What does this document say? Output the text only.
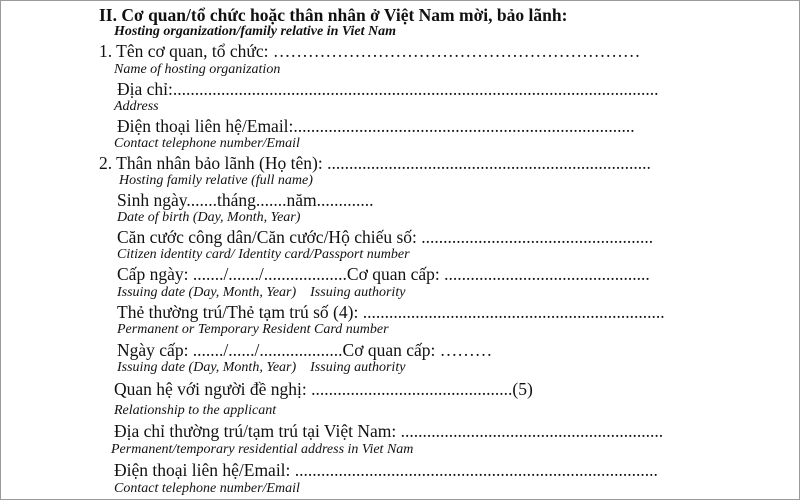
II. Cơ quan/tổ chức hoặc thân nhân ở Việt Nam mời, bảo lãnh:
Hosting organization/family relative in Viet Nam
1. Tên cơ quan, tổ chức: ………………………………………………………
Name of hosting organization
Địa chỉ:...............................................................................................................
Address
Điện thoại liên hệ/Email:..............................................................................
Contact telephone number/Email
2. Thân nhân bảo lãnh (Họ tên): ..........................................................................
Hosting family relative (full name)
Sinh ngày.......tháng.......năm.............
Date of birth (Day, Month, Year)
Căn cước công dân/Căn cước/Hộ chiếu số: .....................................................
Citizen identity card/ Identity card/Passport number
Cấp ngày: ......./......./...................Cơ quan cấp: ...............................................
Issuing date (Day, Month, Year)    Issuing authority
Thẻ thường trú/Thẻ tạm trú số (4): .....................................................................
Permanent or Temporary Resident Card number
Ngày cấp: ......./....../...................Cơ quan cấp: ………
Issuing date (Day, Month, Year)    Issuing authority
Quan hệ với người đề nghị: ..............................................(5)
Relationship to the applicant
Địa chỉ thường trú/tạm trú tại Việt Nam: ............................................................
Permanent/temporary residential address in Viet Nam
Điện thoại liên hệ/Email: ...................................................................................
Contact telephone number/Email
